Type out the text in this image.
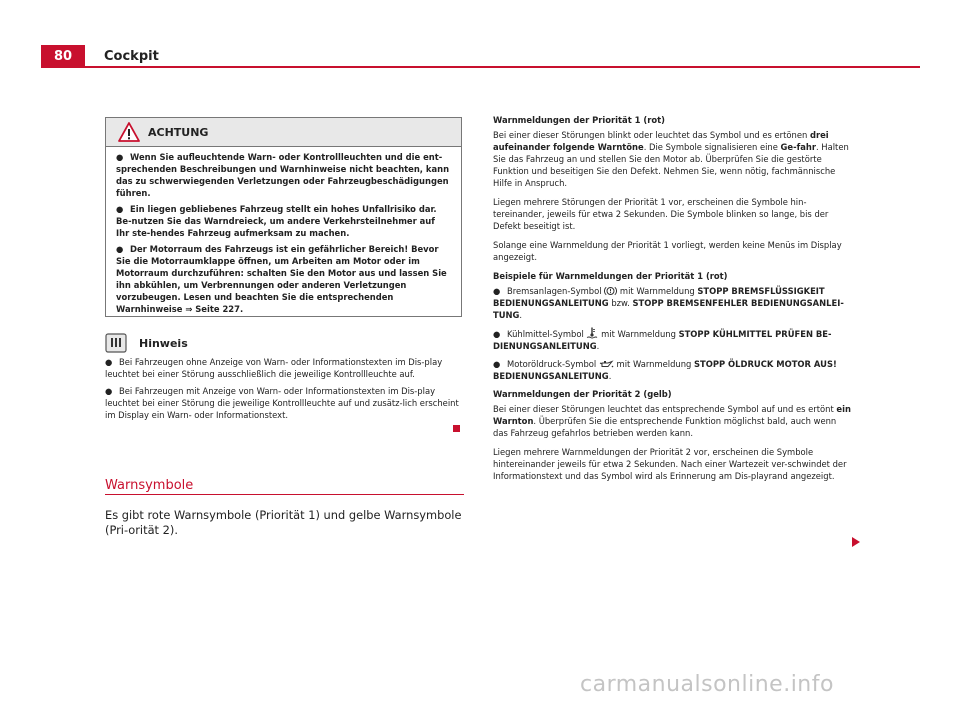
80	Cockpit
ACHTUNG

● Wenn Sie aufleuchtende Warn- oder Kontrollleuchten und die ent-sprechenden Beschreibungen und Warnhinweise nicht beachten, kann das zu schwerwiegenden Verletzungen oder Fahrzeugbeschädigungen führen.

● Ein liegen gebliebenes Fahrzeug stellt ein hohes Unfallrisiko dar. Be-nutzen Sie das Warndreieck, um andere Verkehrsteilnehmer auf Ihr ste-hendes Fahrzeug aufmerksam zu machen.

● Der Motorraum des Fahrzeugs ist ein gefährlicher Bereich! Bevor Sie die Motorraumklappe öffnen, um Arbeiten am Motor oder im Motorraum durchzuführen: schalten Sie den Motor aus und lassen Sie ihn abkühlen, um Verbrennungen oder anderen Verletzungen vorzubeugen. Lesen und beachten Sie die entsprechenden Warnhinweise ⇒ Seite 227.

Hinweis

● Bei Fahrzeugen ohne Anzeige von Warn- oder Informationstexten im Dis-play leuchtet bei einer Störung ausschließlich die jeweilige Kontrollleuchte auf.

● Bei Fahrzeugen mit Anzeige von Warn- oder Informationstexten im Dis-play leuchtet bei einer Störung die jeweilige Kontrollleuchte auf und zusätz-lich erscheint im Display ein Warn- oder Informationstext.

Warnsymbole

Es gibt rote Warnsymbole (Priorität 1) und gelbe Warnsymbole (Pri-orität 2).

Warnmeldungen der Priorität 1 (rot)

Bei einer dieser Störungen blinkt oder leuchtet das Symbol und es ertönen drei aufeinander folgende Warntöne. Die Symbole signalisieren eine Ge-fahr. Halten Sie das Fahrzeug an und stellen Sie den Motor ab. Überprüfen Sie die gestörte Funktion und beseitigen Sie den Defekt. Nehmen Sie, wenn nötig, fachmännische Hilfe in Anspruch.

Liegen mehrere Störungen der Priorität 1 vor, erscheinen die Symbole hin-tereinander, jeweils für etwa 2 Sekunden. Die Symbole blinken so lange, bis der Defekt beseitigt ist.

Solange eine Warnmeldung der Priorität 1 vorliegt, werden keine Menüs im Display angezeigt.

Beispiele für Warnmeldungen der Priorität 1 (rot)

● Bremsanlagen-Symbol  mit Warnmeldung STOPP BREMSFLÜSSIGKEIT BEDIENUNGSANLEITUNG bzw. STOPP BREMSENFEHLER BEDIENUNGSANLEI-TUNG.

● Kühlmittel-Symbol  mit Warnmeldung STOPP KÜHLMITTEL PRÜFEN BE-DIENUNGSANLEITUNG.

● Motoröldruck-Symbol  mit Warnmeldung STOPP ÖLDRUCK MOTOR AUS! BEDIENUNGSANLEITUNG.

Warnmeldungen der Priorität 2 (gelb)

Bei einer dieser Störungen leuchtet das entsprechende Symbol auf und es ertönt ein Warnton. Überprüfen Sie die entsprechende Funktion möglichst bald, auch wenn das Fahrzeug gefahrlos betrieben werden kann.

Liegen mehrere Warnmeldungen der Priorität 2 vor, erscheinen die Symbole hintereinander jeweils für etwa 2 Sekunden. Nach einer Wartezeit ver-schwindet der Informationstext und das Symbol wird als Erinnerung am Dis-playrand angezeigt.

carmanualsonline.info
